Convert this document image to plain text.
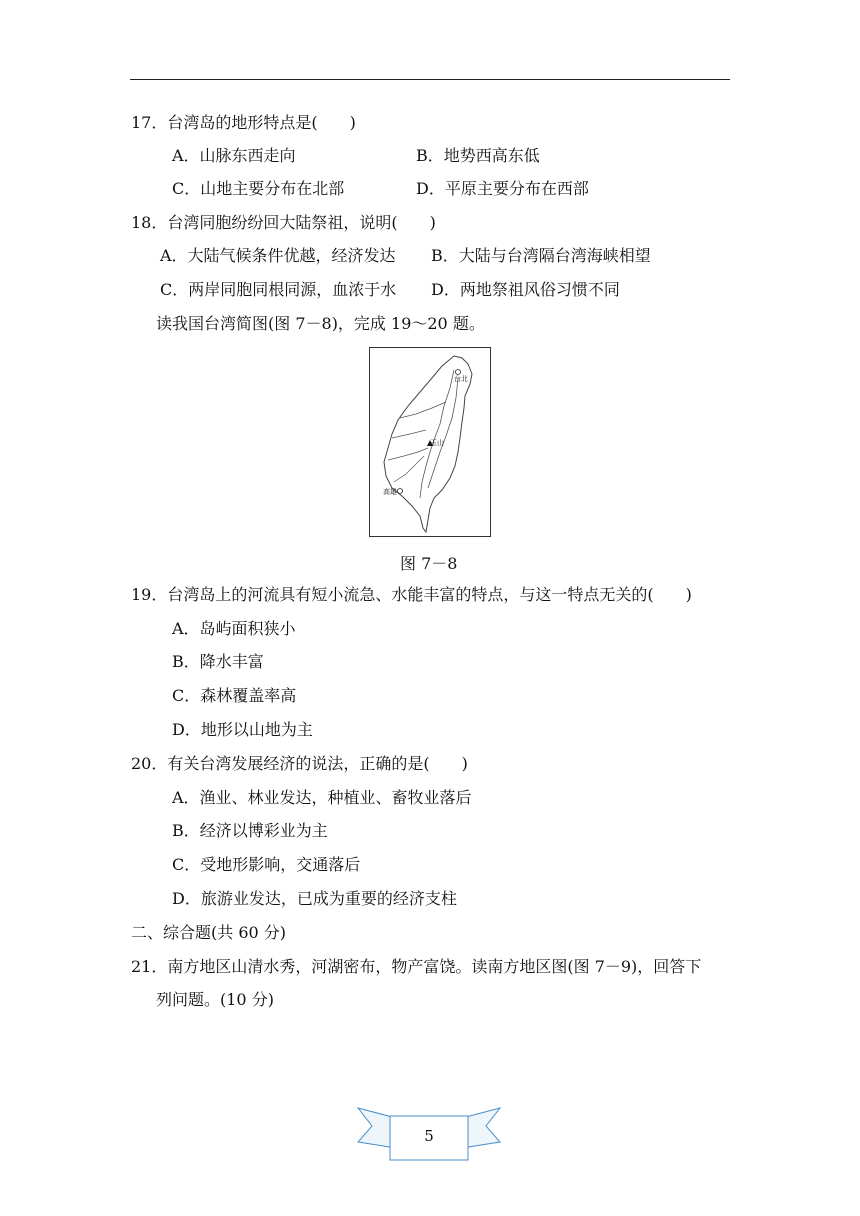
17．台湾岛的地形特点是(　　)
A．山脉东西走向	B．地势西高东低
C．山地主要分布在北部	D．平原主要分布在西部
18．台湾同胞纷纷回大陆祭祖，说明(　　)
A．大陆气候条件优越，经济发达 B．大陆与台湾隔台湾海峡相望
C．两岸同胞同根同源，血浓于水 D．两地祭祖风俗习惯不同
读我国台湾简图(图 7－8)，完成 19～20 题。
台北
玉山
高雄
图 7－8
19．台湾岛上的河流具有短小流急、水能丰富的特点，与这一特点无关的(　　)
A．岛屿面积狭小
B．降水丰富
C．森林覆盖率高
D．地形以山地为主
20．有关台湾发展经济的说法，正确的是(　　)
A．渔业、林业发达，种植业、畜牧业落后
B．经济以博彩业为主
C．受地形影响，交通落后
D．旅游业发达，已成为重要的经济支柱
二、综合题(共 60 分)
21．南方地区山清水秀，河湖密布，物产富饶。读南方地区图(图 7－9)，回答下
列问题。(10 分)
5
